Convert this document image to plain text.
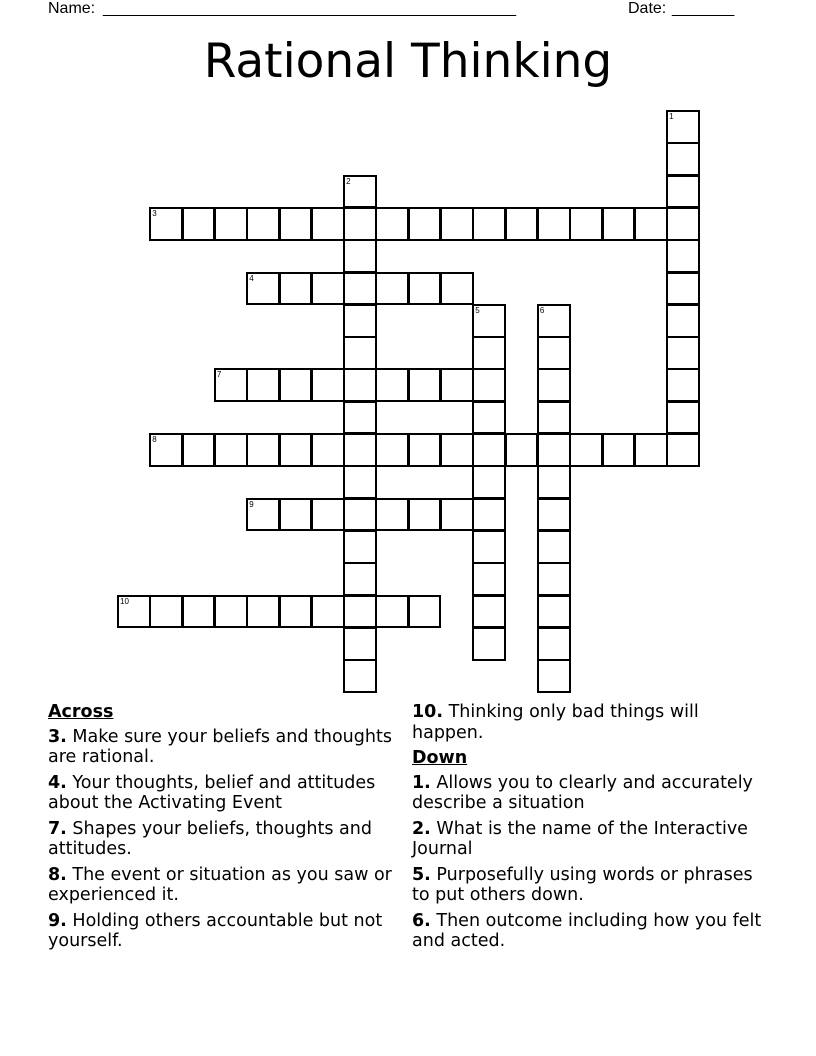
Name: ________________________________________________	Date: _______
Rational Thinking
1
2
3
4
5	6
7
8
9
10
Across
3. Make sure your beliefs and thoughts are rational.
4. Your thoughts, belief and attitudes about the Activating Event
7. Shapes your beliefs, thoughts and attitudes.
8. The event or situation as you saw or experienced it.
9. Holding others accountable but not yourself.
10. Thinking only bad things will happen.
Down
1. Allows you to clearly and accurately describe a situation
2. What is the name of the Interactive Journal
5. Purposefully using words or phrases to put others down.
6. Then outcome including how you felt and acted.
